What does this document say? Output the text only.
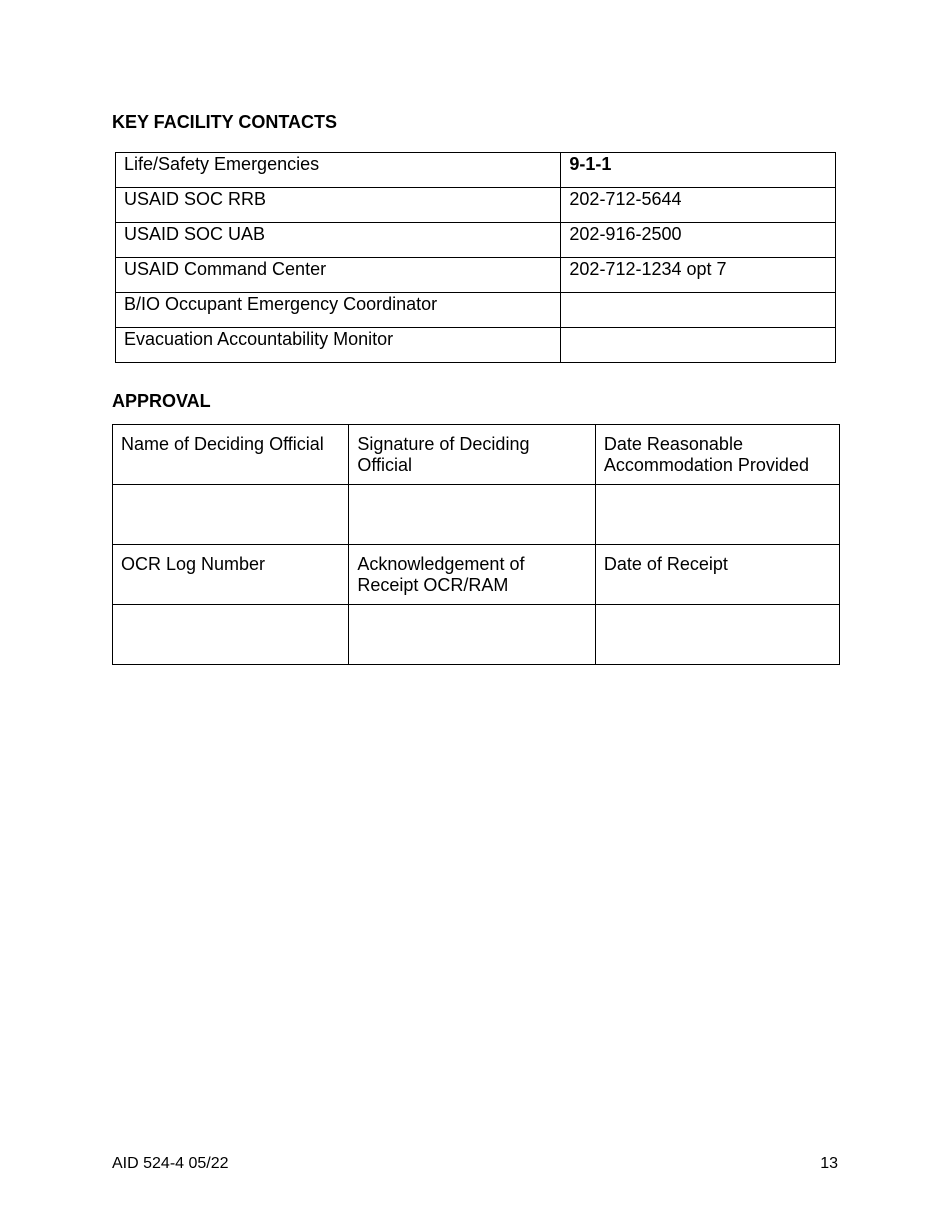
KEY FACILITY CONTACTS
Life/Safety Emergencies	9-1-1
USAID SOC RRB	202-712-5644
USAID SOC UAB	202-916-2500
USAID Command Center	202-712-1234 opt 7
B/IO Occupant Emergency Coordinator	
Evacuation Accountability Monitor	
APPROVAL
Name of Deciding Official	Signature of Deciding Official	Date Reasonable Accommodation Provided

OCR Log Number	Acknowledgement of Receipt OCR/RAM	Date of Receipt

AID 524-4 05/22	13
